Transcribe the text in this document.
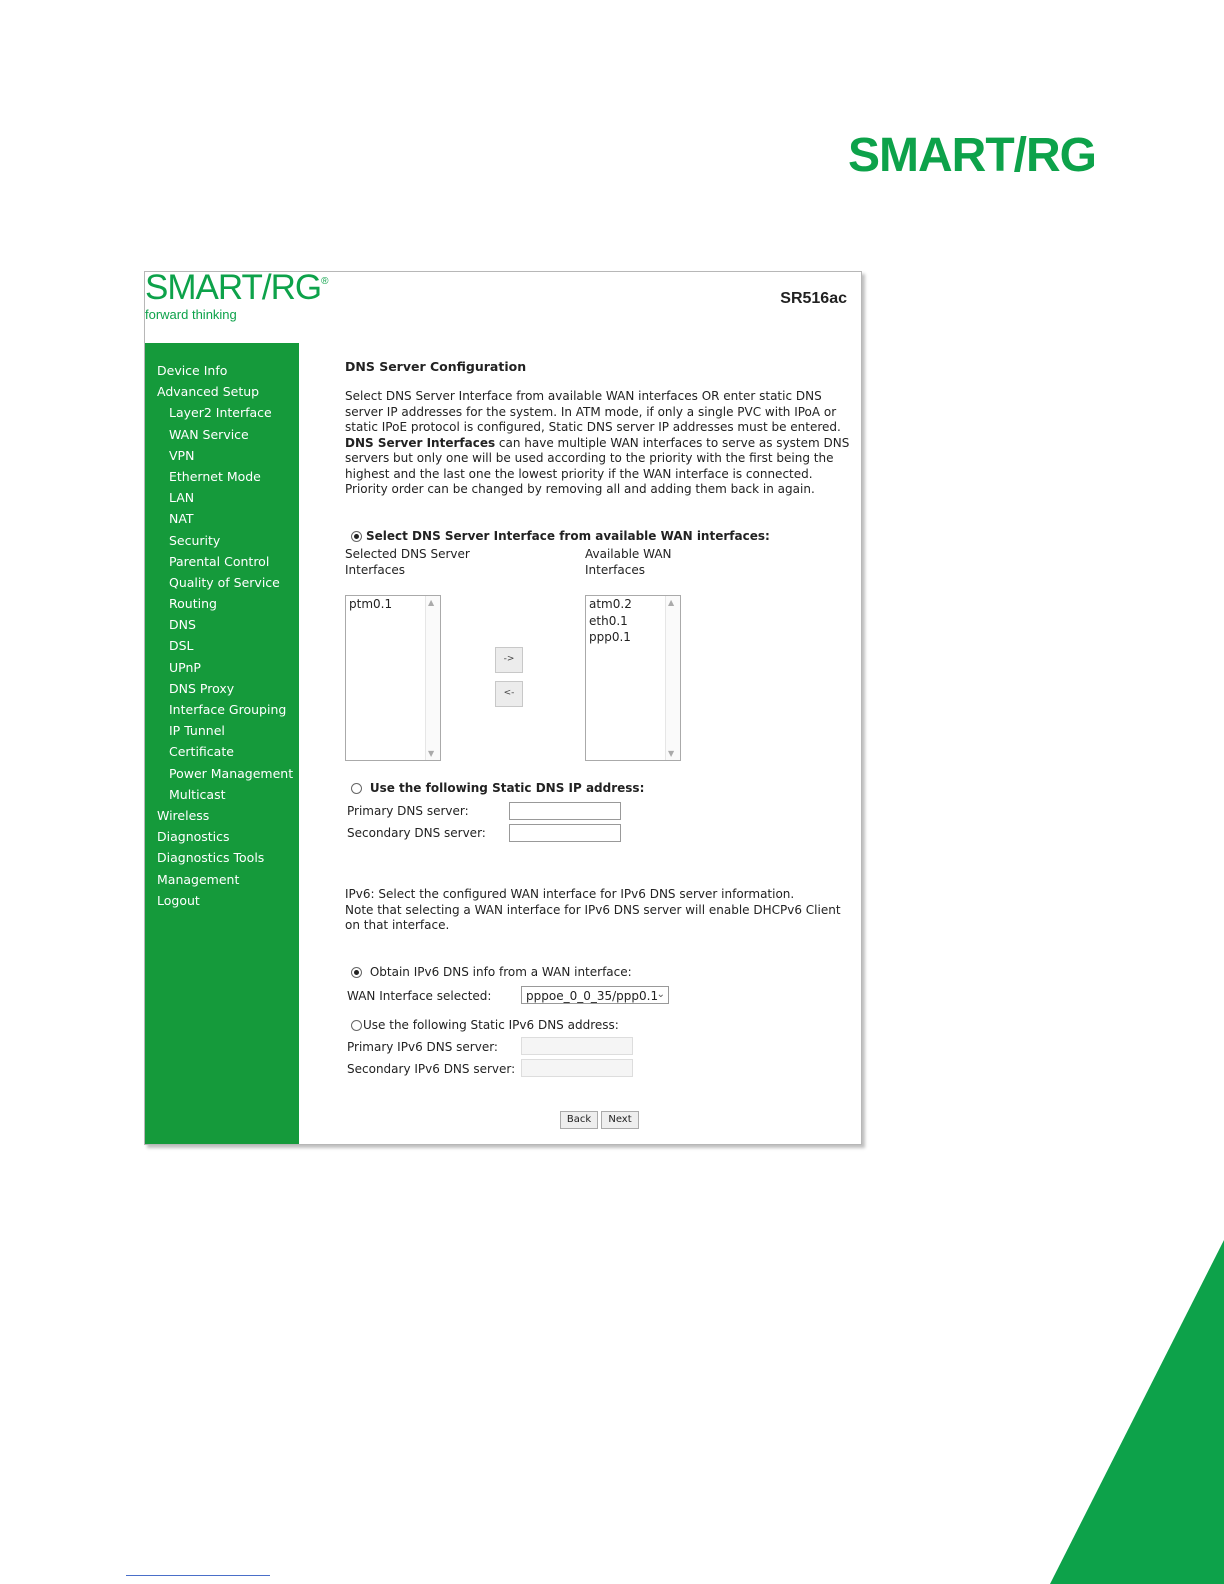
SMART/RG
SMART/RG®
forward thinking
SR516ac
Device Info
Advanced Setup
Layer2 Interface
WAN Service
VPN
Ethernet Mode
LAN
NAT
Security
Parental Control
Quality of Service
Routing
DNS
DSL
UPnP
DNS Proxy
Interface Grouping
IP Tunnel
Certificate
Power Management
Multicast
Wireless
Diagnostics
Diagnostics Tools
Management
Logout
DNS Server Configuration
Select DNS Server Interface from available WAN interfaces OR enter static DNS server IP addresses for the system. In ATM mode, if only a single PVC with IPoA or static IPoE protocol is configured, Static DNS server IP addresses must be entered. DNS Server Interfaces can have multiple WAN interfaces to serve as system DNS servers but only one will be used according to the priority with the first being the highest and the last one the lowest priority if the WAN interface is connected. Priority order can be changed by removing all and adding them back in again.
Select DNS Server Interface from available WAN interfaces:
Selected DNS Server
Interfaces
Available WAN
Interfaces
ptm0.1	▲
▼
atm0.2
eth0.1
ppp0.1
▲
▼
->
<-
Use the following Static DNS IP address:
Primary DNS server:
Secondary DNS server:
IPv6: Select the configured WAN interface for IPv6 DNS server information.
Note that selecting a WAN interface for IPv6 DNS server will enable DHCPv6 Client on that interface.
Obtain IPv6 DNS info from a WAN interface:
WAN Interface selected:	pppoe_0_0_35/ppp0.1
⌄
Use the following Static IPv6 DNS address:
Primary IPv6 DNS server:
Secondary IPv6 DNS server:
Back	Next
